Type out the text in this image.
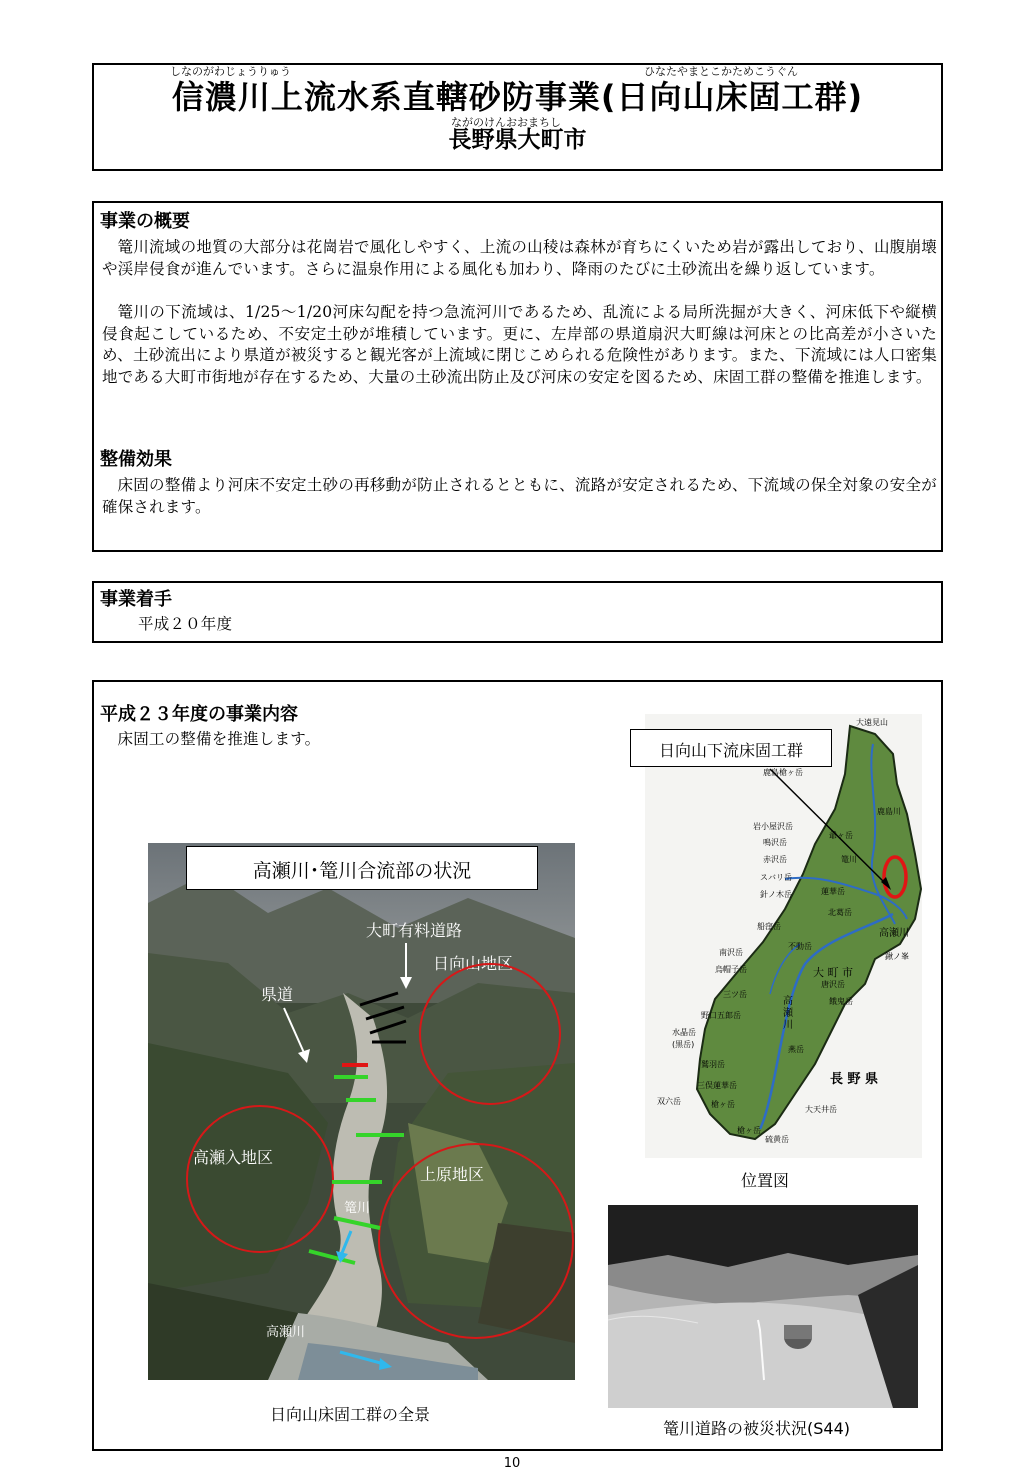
しなのがわじょうりゅう	ひなたやまとこかためこうぐん
信濃川上流水系直轄砂防事業(日向山床固工群)
ながのけんおおまちし
長野県大町市
事業の概要
篭川流域の地質の大部分は花崗岩で風化しやすく、上流の山稜は森林が育ちにくいため岩が露出しており、山腹崩壊や渓岸侵食が進んでいます。さらに温泉作用による風化も加わり、降雨のたびに土砂流出を繰り返しています。
篭川の下流域は、1/25〜1/20河床勾配を持つ急流河川であるため、乱流による局所洗掘が大きく、河床低下や縦横侵食起こしているため、不安定土砂が堆積しています。更に、左岸部の県道扇沢大町線は河床との比高差が小さいため、土砂流出により県道が被災すると観光客が上流域に閉じこめられる危険性があります。また、下流域には人口密集地である大町市街地が存在するため、大量の土砂流出防止及び河床の安定を図るため、床固工群の整備を推進します。
整備効果
床固の整備より河床不安定土砂の再移動が防止されるとともに、流路が安定されるため、下流域の保全対象の安全が確保されます。
事業着手
平成２０年度
平成２３年度の事業内容
床固工の整備を推進します。
高瀬川･篭川合流部の状況
大町有料道路
日向山地区
県道
高瀬入地区
上原地区
篭川
高瀬川
日向山床固工群の全景
大遠見山
鹿島槍ヶ岳
鹿島川
岩小屋沢岳
鳴沢岳
爺ヶ岳
赤沢岳	篭川
スバリ岳
蓮華岳
針ノ木岳
北葛岳
船窪岳
高瀬川
鍬ノ峯
不動岳
南沢岳
大 町 市
烏帽子岳
唐沢岳
三ツ岳
餓鬼岳
高瀬川
野口五郎岳
水晶岳
(黒岳)
燕岳
鷲羽岳
長 野 県
三俣蓮華岳
双六岳	槍ヶ岳
大天井岳
槍ヶ岳
硫黄岳
日向山下流床固工群
位置図
篭川道路の被災状況(S44)
10
